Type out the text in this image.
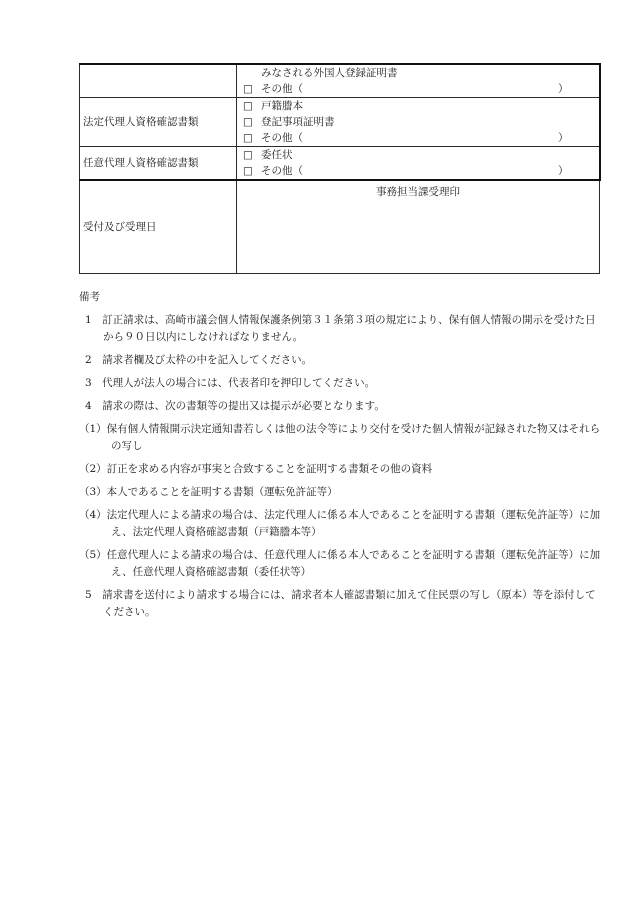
	みなされる外国人登録証明書
□ その他（ ）

法定代理人資格確認書類	□ 戸籍謄本
□ 登記事項証明書
□ その他（ ）

任意代理人資格確認書類	□ 委任状
□ その他（ ）

受付及び受理日	事務担当課受理印

備考

1　訂正請求は、高崎市議会個人情報保護条例第３１条第３項の規定により、保有個人情報の開示を受けた日から９０日以内にしなければなりません。

2　請求者欄及び太枠の中を記入してください。

3　代理人が法人の場合には、代表者印を押印してください。

4　請求の際は、次の書類等の提出又は提示が必要となります。

（1）保有個人情報開示決定通知書若しくは他の法令等により交付を受けた個人情報が記録された物又はそれらの写し

（2）訂正を求める内容が事実と合致することを証明する書類その他の資料

（3）本人であることを証明する書類（運転免許証等）

（4）法定代理人による請求の場合は、法定代理人に係る本人であることを証明する書類（運転免許証等）に加え、法定代理人資格確認書類（戸籍謄本等）

（5）任意代理人による請求の場合は、任意代理人に係る本人であることを証明する書類（運転免許証等）に加え、任意代理人資格確認書類（委任状等）

5　請求書を送付により請求する場合には、請求者本人確認書類に加えて住民票の写し（原本）等を添付してください。
